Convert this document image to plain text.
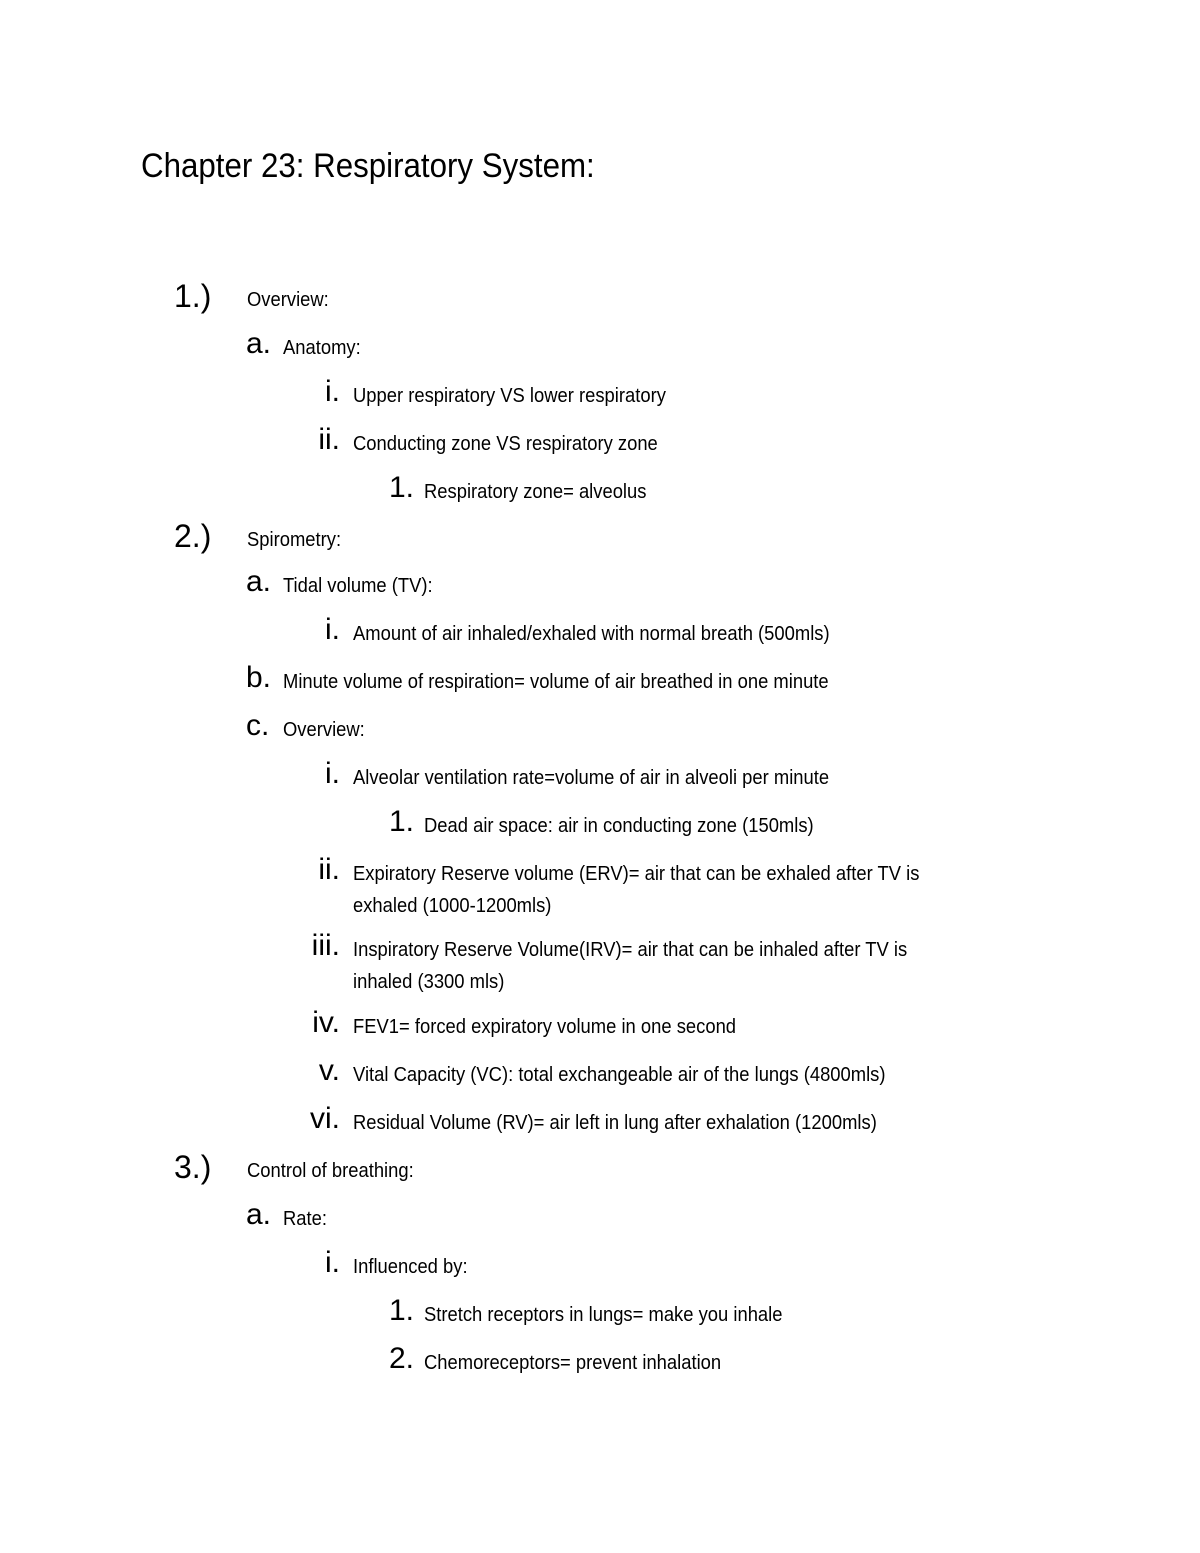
Chapter 23: Respiratory System:
1.) Overview:
a. Anatomy:
i. Upper respiratory VS lower respiratory
ii. Conducting zone VS respiratory zone
1. Respiratory zone= alveolus
2.) Spirometry:
a. Tidal volume (TV):
i. Amount of air inhaled/exhaled with normal breath (500mls)
b. Minute volume of respiration= volume of air breathed in one minute
c. Overview:
i. Alveolar ventilation rate=volume of air in alveoli per minute
1. Dead air space: air in conducting zone (150mls)
ii. Expiratory Reserve volume (ERV)= air that can be exhaled after TV is
exhaled (1000-1200mls)
iii. Inspiratory Reserve Volume(IRV)= air that can be inhaled after TV is
inhaled (3300 mls)
iv. FEV1= forced expiratory volume in one second
v. Vital Capacity (VC): total exchangeable air of the lungs (4800mls)
vi. Residual Volume (RV)= air left in lung after exhalation (1200mls)
3.) Control of breathing:
a. Rate:
i. Influenced by:
1. Stretch receptors in lungs= make you inhale
2. Chemoreceptors= prevent inhalation
